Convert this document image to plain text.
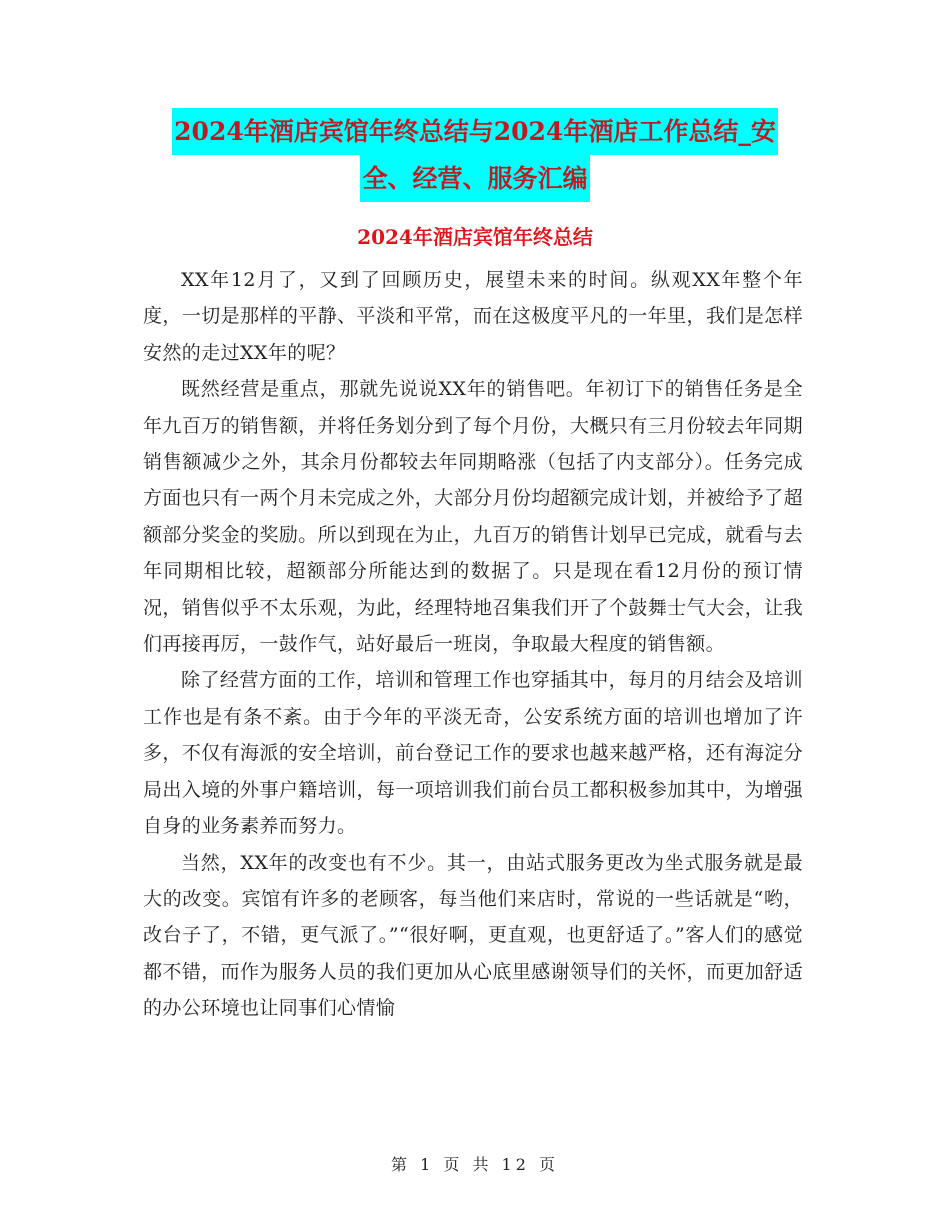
2024年酒店宾馆年终总结与2024年酒店工作总结_安
全、经营、服务汇编
2024年酒店宾馆年终总结

XX年12月了，又到了回顾历史，展望未来的时间。纵观XX年整个年度，一切是那样的平静、平淡和平常，而在这极度平凡的一年里，我们是怎样安然的走过XX年的呢？

既然经营是重点，那就先说说XX年的销售吧。年初订下的销售任务是全年九百万的销售额，并将任务划分到了每个月份，大概只有三月份较去年同期销售额减少之外，其余月份都较去年同期略涨（包括了内支部分）。任务完成方面也只有一两个月未完成之外，大部分月份均超额完成计划，并被给予了超额部分奖金的奖励。所以到现在为止，九百万的销售计划早已完成，就看与去年同期相比较，超额部分所能达到的数据了。只是现在看12月份的预订情况，销售似乎不太乐观，为此，经理特地召集我们开了个鼓舞士气大会，让我们再接再厉，一鼓作气，站好最后一班岗，争取最大程度的销售额。

除了经营方面的工作，培训和管理工作也穿插其中，每月的月结会及培训工作也是有条不紊。由于今年的平淡无奇，公安系统方面的培训也增加了许多，不仅有海派的安全培训，前台登记工作的要求也越来越严格，还有海淀分局出入境的外事户籍培训，每一项培训我们前台员工都积极参加其中，为增强自身的业务素养而努力。

当然，XX年的改变也有不少。其一，由站式服务更改为坐式服务就是最大的改变。宾馆有许多的老顾客，每当他们来店时，常说的一些话就是“哟，改台子了，不错，更气派了。”“很好啊，更直观，也更舒适了。”客人们的感觉都不错，而作为服务人员的我们更加从心底里感谢领导们的关怀，而更加舒适的办公环境也让同事们心情愉

第 1 页 共 12 页
